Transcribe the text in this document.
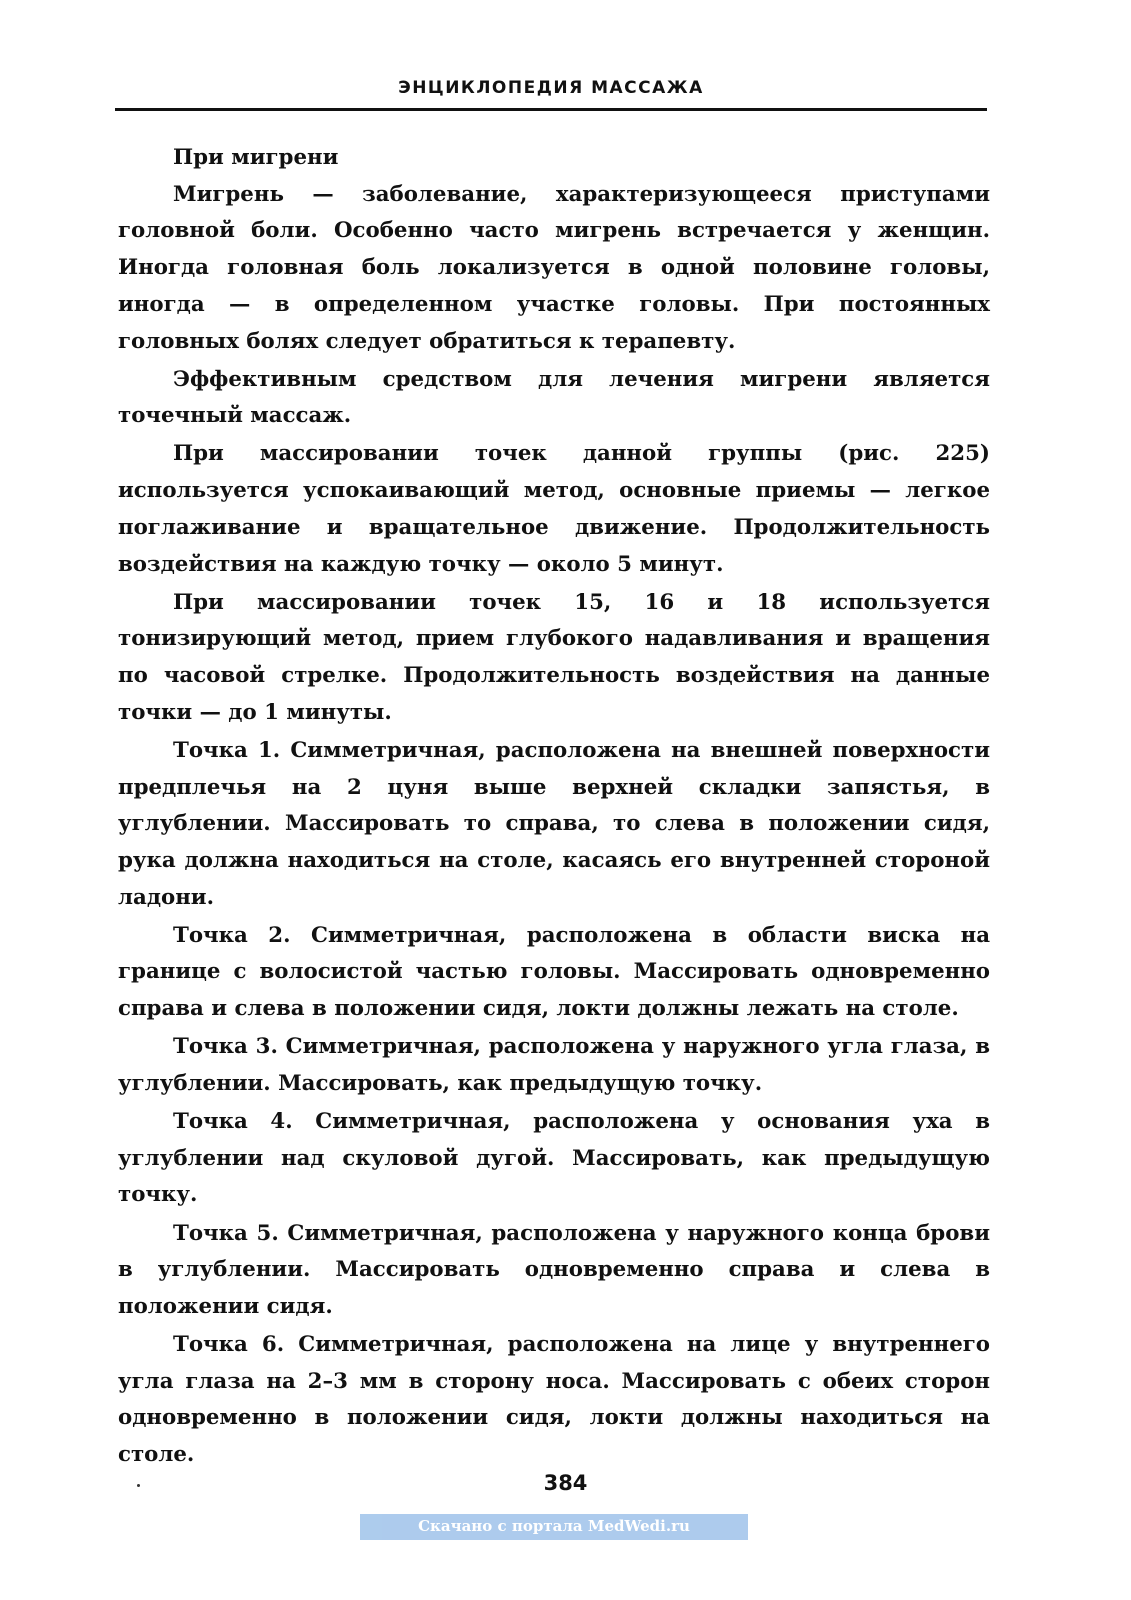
ЭНЦИКЛОПЕДИЯ МАССАЖА

При мигрени

Мигрень — заболевание, характеризующееся приступами головной боли. Особенно часто мигрень встречается у женщин. Иногда головная боль локализуется в одной половине головы, иногда — в определенном участке головы. При постоянных головных болях следует обратиться к терапевту.

Эффективным средством для лечения мигрени является точечный массаж.

При массировании точек данной группы (рис. 225) используется успокаивающий метод, основные приемы — легкое поглаживание и вращательное движение. Продолжительность воздействия на каждую точку — около 5 минут.

При массировании точек 15, 16 и 18 используется тонизирующий метод, прием глубокого надавливания и вращения по часовой стрелке. Продолжительность воздействия на данные точки — до 1 минуты.

Точка 1. Симметричная, расположена на внешней поверхности предплечья на 2 цуня выше верхней складки запястья, в углублении. Массировать то справа, то слева в положении сидя, рука должна находиться на столе, касаясь его внутренней стороной ладони.

Точка 2. Симметричная, расположена в области виска на границе с волосистой частью головы. Массировать одновременно справа и слева в положении сидя, локти должны лежать на столе.

Точка 3. Симметричная, расположена у наружного угла глаза, в углублении. Массировать, как предыдущую точку.

Точка 4. Симметричная, расположена у основания уха в углублении над скуловой дугой. Массировать, как предыдущую точку.

Точка 5. Симметричная, расположена у наружного конца брови в углублении. Массировать одновременно справа и слева в положении сидя.

Точка 6. Симметричная, расположена на лице у внутреннего угла глаза на 2–3 мм в сторону носа. Массировать с обеих сторон одновременно в положении сидя, локти должны находиться на столе.

384
Скачано с портала MedWedi.ru
